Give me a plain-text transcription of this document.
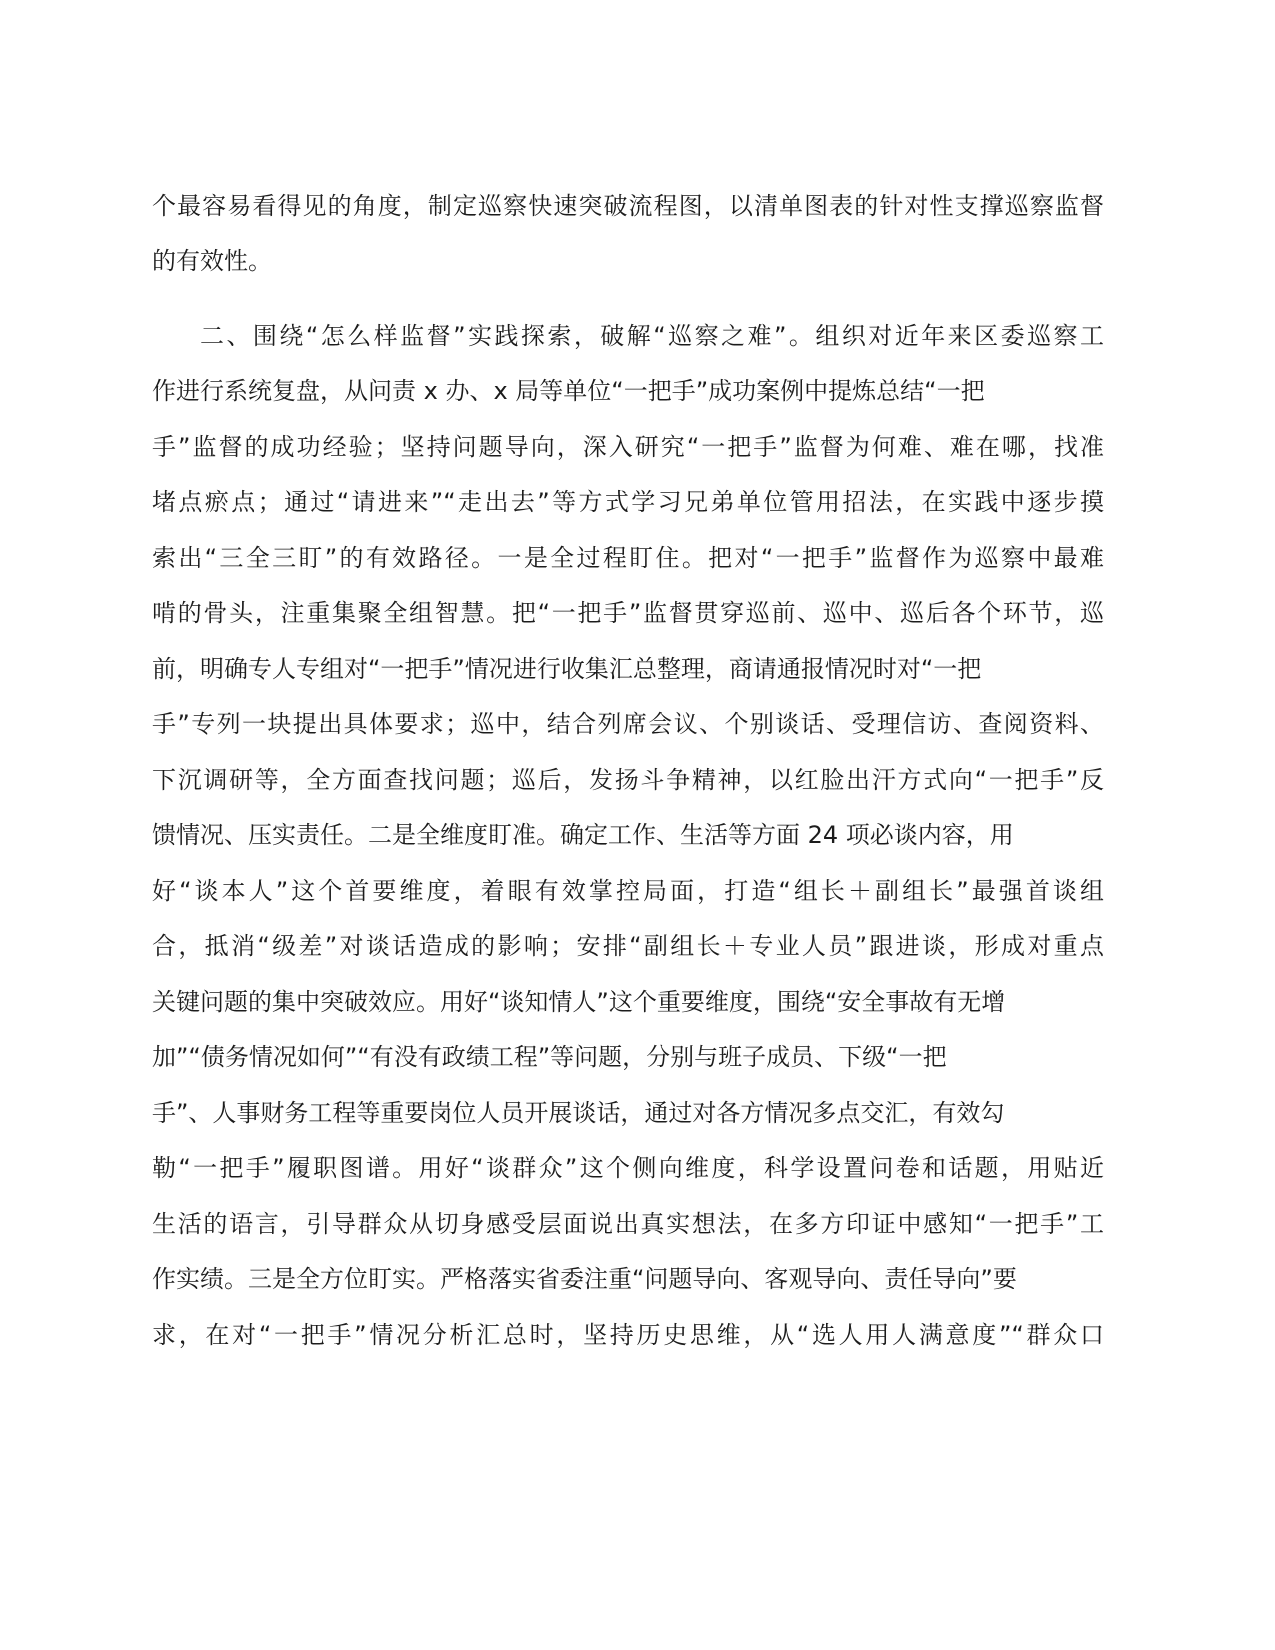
个最容易看得见的角度，制定巡察快速突破流程图，以清单图表的针对性支撑巡察监督
的有效性。
二、围绕“怎么样监督”实践探索，破解“巡察之难”。组织对近年来区委巡察工
作进行系统复盘，从问责 x 办、x 局等单位“一把手”成功案例中提炼总结“一把
手”监督的成功经验；坚持问题导向，深入研究“一把手”监督为何难、难在哪，找准
堵点瘀点；通过“请进来”“走出去”等方式学习兄弟单位管用招法，在实践中逐步摸
索出“三全三盯”的有效路径。一是全过程盯住。把对“一把手”监督作为巡察中最难
啃的骨头，注重集聚全组智慧。把“一把手”监督贯穿巡前、巡中、巡后各个环节，巡
前，明确专人专组对“一把手”情况进行收集汇总整理，商请通报情况时对“一把
手”专列一块提出具体要求；巡中，结合列席会议、个别谈话、受理信访、查阅资料、
下沉调研等，全方面查找问题；巡后，发扬斗争精神，以红脸出汗方式向“一把手”反
馈情况、压实责任。二是全维度盯准。确定工作、生活等方面 24 项必谈内容，用
好“谈本人”这个首要维度，着眼有效掌控局面，打造“组长＋副组长”最强首谈组
合，抵消“级差”对谈话造成的影响；安排“副组长＋专业人员”跟进谈，形成对重点
关键问题的集中突破效应。用好“谈知情人”这个重要维度，围绕“安全事故有无增
加”“债务情况如何”“有没有政绩工程”等问题，分别与班子成员、下级“一把
手”、人事财务工程等重要岗位人员开展谈话，通过对各方情况多点交汇，有效勾
勒“一把手”履职图谱。用好“谈群众”这个侧向维度，科学设置问卷和话题，用贴近
生活的语言，引导群众从切身感受层面说出真实想法，在多方印证中感知“一把手”工
作实绩。三是全方位盯实。严格落实省委注重“问题导向、客观导向、责任导向”要
求，在对“一把手”情况分析汇总时，坚持历史思维，从“选人用人满意度”“群众口
